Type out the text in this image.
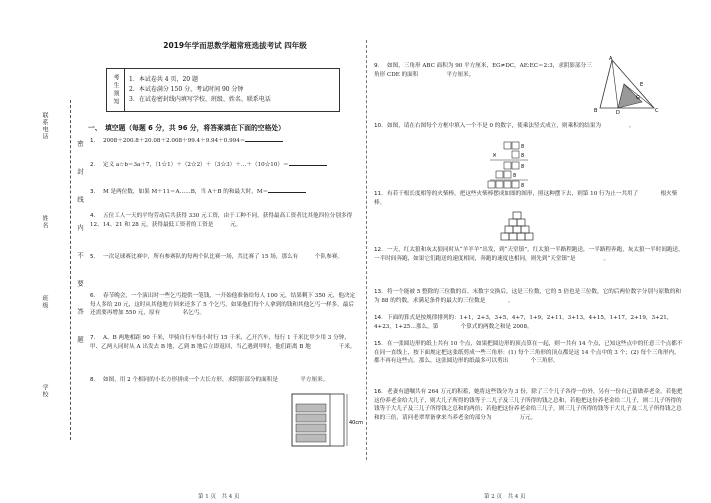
联系电话
姓名
班级
学校
密
封
线
内
不
要
答
题
2019年学而思数学超常班选拔考试 四年级
考生须知	1．本试卷共 4 页，20 题
2．本试卷满分 150 分，考试时间 90 分钟
3．在试卷密封线内填写学校、班级、姓名、联系电话
一、　填空题（每题 6 分，共 96 分，将答案填在下面的空格处）
1. 2008＋200.8＋20.08＋2.008＋99.4＋9.94＋0.994＝
2. 定义 a☆b＝3a＋7，（1☆1）＋（2☆2）＋（3☆3）＋…＋（10☆10）＝
3. M 是两位数，如果 M＋11＝A……B，当 A＋B 的和最大时，M＝
4. 五位工人一天的平均劳动后共获得 330 元工资，由于工种不同，获得最高工资者比其他四位分别多得 12、14、21 和 28 元，获得最低工资者的工资是　　　元。
5. 一次足球赛比赛中，所有参赛队的每两个队比赛一场，共比赛了 15 场，那么有　　　个队参赛。
6. 春节晚会，一个演出时一些乞丐提供一笔钱，一开始他准备给每人 100 元，结果剩下 350 元，他决定每人多给 20 元，这时从其他地方回来还多了 5 个乞丐，如果他们每个人拿到的钱和其他乞丐一样多，最后还需要再增加 550 元，原有　　　　名乞丐。
7. A、B 两地相距 90 千米，甲骑自行车每小时行 15 千米，乙开汽车，每行 1 千米比甲少用 3 分钟，甲、乙两人同时从 A 出发去 B 地，乙到 B 地后立即返回，当乙遇到甲时，他们距离 B 地　　　　　千米。
8. 如图，用 2 个相同的小长方形拼成一个大长方形，求阴影部分的面积是　　　　平方厘米。
40cm
9. 如图，三角形 ABC 面积为 90 平方厘米，EG≠DC，AE:EC＝2:3，求阴影部分三角形 CDE 的面积　　　　　平方厘米。
A
E
G
B	D	C
10. 如图，请在右图每个方框中填入一个不是 0 的数字，使乘法竖式成立，则乘积的结果为　　　　　。
8
8
×
8
8
8
11. 有若干根长度相等的火柴棒，把这些火柴棒摆成如图的图形，照这种摆下去，则第 10 行为止一共用了　　　　根火柴棒。
12. 一天，红太狼和灰太狼同时从“羊羊羊”出发，到“天堂镇”，红太狼一半路程跑送，一半路程奔跑，灰太狼一半时间跑送，一半时间奔跑，如果它们跑送的速度相同，奔跑的速度也相同，则先到“天堂镇”是　　　　　。
13. 将一个能被 5 整除的三位数的首、末数字交换后，这是三位数，它的 5 倍也是三位数，它的后两位数字分别与原数的和为 88 的约数，求满足条件的最大的三位数是　　　　。
14. 下面的算式是按规律排列的：1+1，2+3，3+5，4+7，1+9，2+11，3+13，4+15，1+17，2+19，3+21，4+23，1+25…那么，第　　　　个算式的两数之和是 2008。
15. 在一张圆边形的纸上共有 10 个点，如果把圆边形的顶点算在一起，则一共有 14 个点，已知这些点中的任意三个点都不在同一直线上，按下面规定把这张纸剪成一些三角形：(1) 每个三角形的顶点都是这 14 个点中的 3 个；(2) 每个三角形内，都不再有这些点。那么，这张圆边形的纸最多可以剪出　　　　个三角形。
16. 老妻有遗嘱共有 264 万元的积蓄，她将这些钱分为 3 份，除了三个儿子各得一份外，另有一份自己留做养老金，若他把这份养老金给大儿子，则大儿子所得的钱等于二儿子及三儿子所得的钱之总和，若他把这份养老金给二儿子，则二儿子所得的钱等于大儿子及三儿子所得钱之总和的两倍；若他把这份养老金给三儿子，则三儿子所得的钱等于大儿子及二儿子所得钱之总和的三倍，请问老翠翠备拿来当养老金的部分为　　　　　万元。
第 1 页　共 4 页	第 2 页　共 4 页
